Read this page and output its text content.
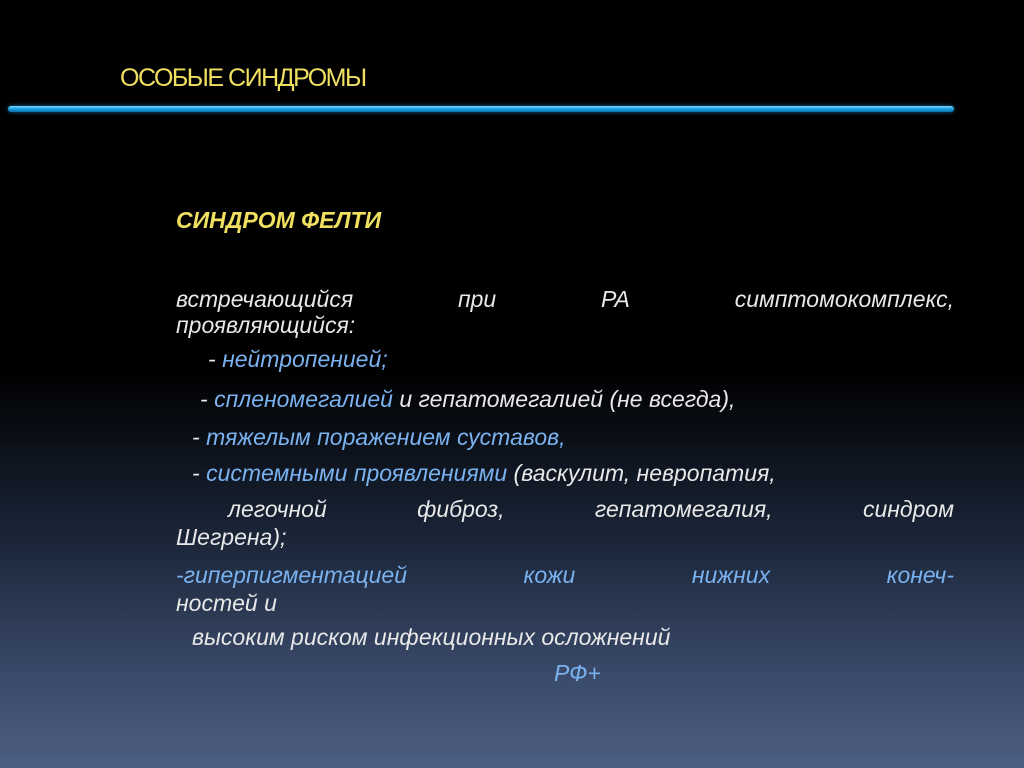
ОСОБЫЕ СИНДРОМЫ
СИНДРОМ ФЕЛТИ
встречающийся при РА симптомокомплекс,
проявляющийся:
- нейтропенией;
- спленомегалией и гепатомегалией (не всегда),
- тяжелым поражением суставов,
- системными проявлениями (васкулит, невропатия,
легочной фиброз, гепатомегалия, синдром
Шегрена);
-гиперпигментацией кожи нижних конеч-
ностей и
высоким риском инфекционных осложнений
РФ+
